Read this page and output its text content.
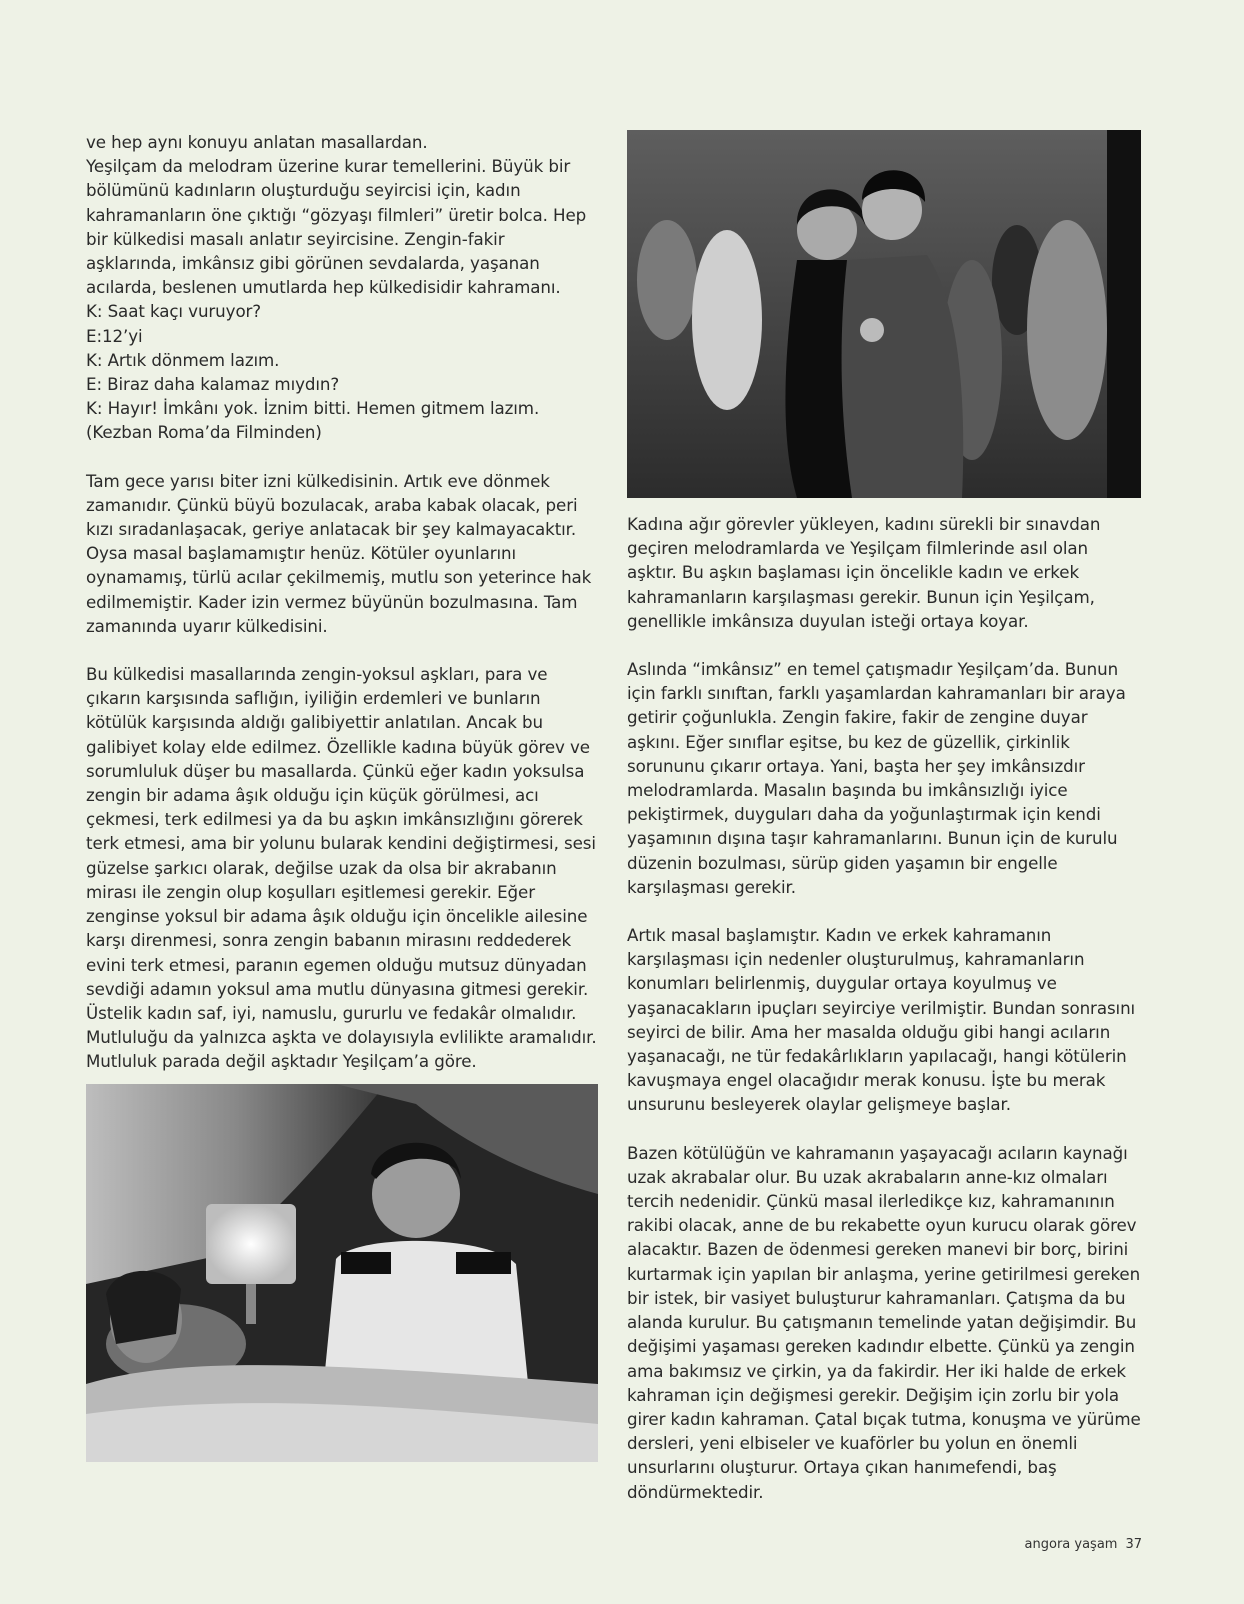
ve hep aynı konuyu anlatan masallardan.

Yeşilçam da melodram üzerine kurar temellerini. Büyük bir bölümünü kadınların oluşturduğu seyircisi için, kadın kahramanların öne çıktığı “gözyaşı filmleri” üretir bolca. Hep bir külkedisi masalı anlatır seyircisine. Zengin-fakir aşklarında, imkânsız gibi görünen sevdalarda, yaşanan acılarda, beslenen umutlarda hep külkedisidir kahramanı.

K: Saat kaçı vuruyor?

E:12’yi

K: Artık dönmem lazım.

E: Biraz daha kalamaz mıydın?

K: Hayır! İmkânı yok. İznim bitti. Hemen gitmem lazım.

(Kezban Roma’da Filminden)

Tam gece yarısı biter izni külkedisinin. Artık eve dönmek zamanıdır. Çünkü büyü bozulacak, araba kabak olacak, peri kızı sıradanlaşacak, geriye anlatacak bir şey kalmayacaktır. Oysa masal başlamamıştır henüz. Kötüler oyunlarını oynamamış, türlü acılar çekilmemiş, mutlu son yeterince hak edilmemiştir. Kader izin vermez büyünün bozulmasına. Tam zamanında uyarır külkedisini.

Bu külkedisi masallarında zengin-yoksul aşkları, para ve çıkarın karşısında saflığın, iyiliğin erdemleri ve bunların kötülük karşısında aldığı galibiyettir anlatılan. Ancak bu galibiyet kolay elde edilmez. Özellikle kadına büyük görev ve sorumluluk düşer bu masallarda. Çünkü eğer kadın yoksulsa zengin bir adama âşık olduğu için küçük görülmesi, acı çekmesi, terk edilmesi ya da bu aşkın imkânsızlığını görerek terk etmesi, ama bir yolunu bularak kendini değiştirmesi, sesi güzelse şarkıcı olarak, değilse uzak da olsa bir akrabanın mirası ile zengin olup koşulları eşitlemesi gerekir. Eğer zenginse yoksul bir adama âşık olduğu için öncelikle ailesine karşı direnmesi, sonra zengin babanın mirasını reddederek evini terk etmesi, paranın egemen olduğu mutsuz dünyadan sevdiği adamın yoksul ama mutlu dünyasına gitmesi gerekir. Üstelik kadın saf, iyi, namuslu, gururlu ve fedakâr olmalıdır. Mutluluğu da yalnızca aşkta ve dolayısıyla evlilikte aramalıdır. Mutluluk parada değil aşktadır Yeşilçam’a göre.

Kadına ağır görevler yükleyen, kadını sürekli bir sınavdan geçiren melodramlarda ve Yeşilçam filmlerinde asıl olan aşktır. Bu aşkın başlaması için öncelikle kadın ve erkek kahramanların karşılaşması gerekir. Bunun için Yeşilçam, genellikle imkânsıza duyulan isteği ortaya koyar.

Aslında “imkânsız” en temel çatışmadır Yeşilçam’da. Bunun için farklı sınıftan, farklı yaşamlardan kahramanları bir araya getirir çoğunlukla. Zengin fakire, fakir de zengine duyar aşkını. Eğer sınıflar eşitse, bu kez de güzellik, çirkinlik sorununu çıkarır ortaya. Yani, başta her şey imkânsızdır melodramlarda. Masalın başında bu imkânsızlığı iyice pekiştirmek, duyguları daha da yoğunlaştırmak için kendi yaşamının dışına taşır kahramanlarını. Bunun için de kurulu düzenin bozulması, sürüp giden yaşamın bir engelle karşılaşması gerekir.

Artık masal başlamıştır. Kadın ve erkek kahramanın karşılaşması için nedenler oluşturulmuş, kahramanların konumları belirlenmiş, duygular ortaya koyulmuş ve yaşanacakların ipuçları seyirciye verilmiştir. Bundan sonrasını seyirci de bilir. Ama her masalda olduğu gibi hangi acıların yaşanacağı, ne tür fedakârlıkların yapılacağı, hangi kötülerin kavuşmaya engel olacağıdır merak konusu. İşte bu merak unsurunu besleyerek olaylar gelişmeye başlar.

Bazen kötülüğün ve kahramanın yaşayacağı acıların kaynağı uzak akrabalar olur. Bu uzak akrabaların anne-kız olmaları tercih nedenidir. Çünkü masal ilerledikçe kız, kahramanının rakibi olacak, anne de bu rekabette oyun kurucu olarak görev alacaktır. Bazen de ödenmesi gereken manevi bir borç, birini kurtarmak için yapılan bir anlaşma, yerine getirilmesi gereken bir istek, bir vasiyet buluşturur kahramanları. Çatışma da bu alanda kurulur. Bu çatışmanın temelinde yatan değişimdir. Bu değişimi yaşaması gereken kadındır elbette. Çünkü ya zengin ama bakımsız ve çirkin, ya da fakirdir. Her iki halde de erkek kahraman için değişmesi gerekir. Değişim için zorlu bir yola girer kadın kahraman. Çatal bıçak tutma, konuşma ve yürüme dersleri, yeni elbiseler ve kuaförler bu yolun en önemli unsurlarını oluşturur. Ortaya çıkan hanımefendi, baş döndürmektedir.

angora yaşam 37
